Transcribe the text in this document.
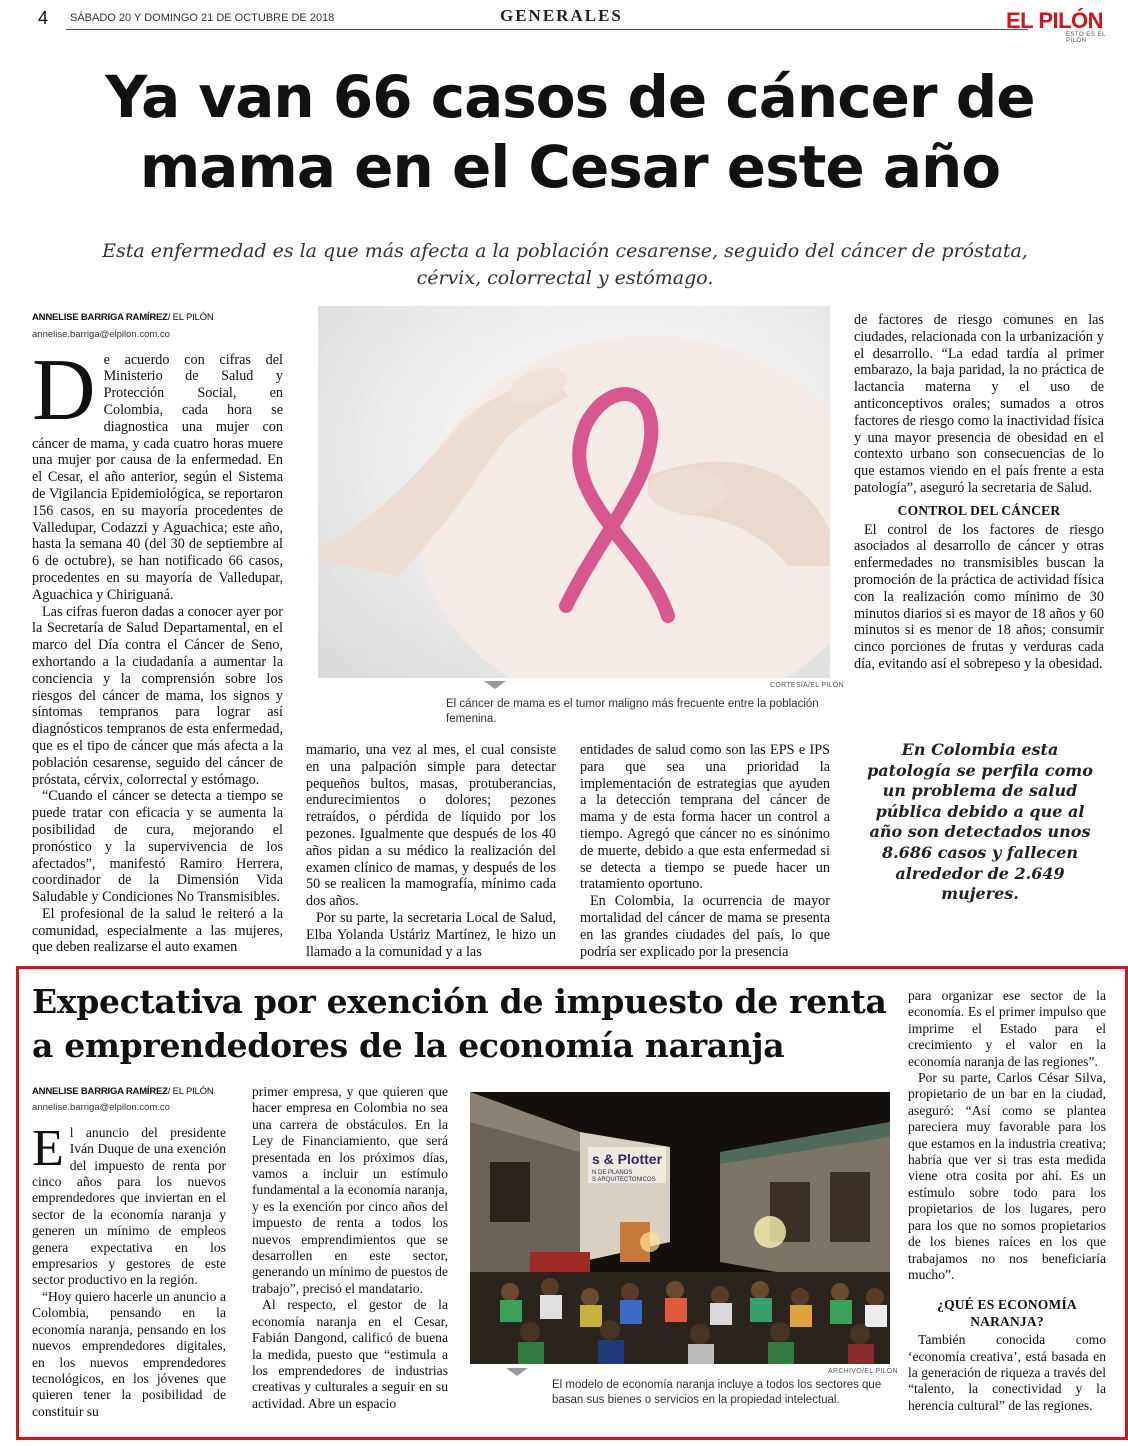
4 SÁBADO 20 Y DOMINGO 21 DE OCTUBRE DE 2018	GENERALES	EL PILÓN
ESTO ES EL PILÓN
Ya van 66 casos de cáncer de
mama en el Cesar este año
Esta enfermedad es la que más afecta a la población cesarense, seguido del cáncer de próstata,
cérvix, colorrectal y estómago.
ANNELISE BARRIGA RAMÍREZ/ EL PILÓN
annelise.barriga@elpilon.com.co

De acuerdo con cifras del Ministerio de Salud y Protección Social, en Colombia, cada hora se diagnostica una mujer con cáncer de mama, y cada cuatro horas muere una mujer por causa de la enfermedad. En el Cesar, el año anterior, según el Sistema de Vigilancia Epidemiológica, se reportaron 156 casos, en su mayoría procedentes de Valledupar, Codazzi y Aguachica; este año, hasta la semana 40 (del 30 de septiembre al 6 de octubre), se han notificado 66 casos, procedentes en su mayoría de Valledupar, Aguachica y Chiriguaná.

Las cifras fueron dadas a conocer ayer por la Secretaría de Salud Departamental, en el marco del Día contra el Cáncer de Seno, exhortando a la ciudadanía a aumentar la conciencia y la comprensión sobre los riesgos del cáncer de mama, los signos y síntomas tempranos para lograr así diagnósticos tempranos de esta enfermedad, que es el tipo de cáncer que más afecta a la población cesarense, seguido del cáncer de próstata, cérvix, colorrectal y estómago.

“Cuando el cáncer se detecta a tiempo se puede tratar con eficacia y se aumenta la posibilidad de cura, mejorando el pronóstico y la supervivencia de los afectados”, manifestó Ramiro Herrera, coordinador de la Dimensión Vida Saludable y Condiciones No Transmisibles.

El profesional de la salud le reiteró a la comunidad, especialmente a las mujeres, que deben realizarse el auto examen

CORTESÍA/EL PILÓN
El cáncer de mama es el tumor maligno más frecuente entre la población femenina.

mamario, una vez al mes, el cual consiste en una palpación simple para detectar pequeños bultos, masas, protuberancias, endurecimientos o dolores; pezones retraídos, o pérdida de líquido por los pezones. Igualmente que después de los 40 años pidan a su médico la realización del examen clínico de mamas, y después de los 50 se realicen la mamografía, mínimo cada dos años.

Por su parte, la secretaria Local de Salud, Elba Yolanda Ustáriz Martínez, le hizo un llamado a la comunidad y a las

entidades de salud como son las EPS e IPS para que sea una prioridad la implementación de estrategias que ayuden a la detección temprana del cáncer de mama y de esta forma hacer un control a tiempo. Agregó que cáncer no es sinónimo de muerte, debido a que esta enfermedad si se detecta a tiempo se puede hacer un tratamiento oportuno.

En Colombia, la ocurrencia de mayor mortalidad del cáncer de mama se presenta en las grandes ciudades del país, lo que podría ser explicado por la presencia

de factores de riesgo comunes en las ciudades, relacionada con la urbanización y el desarrollo. “La edad tardía al primer embarazo, la baja paridad, la no práctica de lactancia materna y el uso de anticonceptivos orales; sumados a otros factores de riesgo como la inactividad física y una mayor presencia de obesidad en el contexto urbano son consecuencias de lo que estamos viendo en el país frente a esta patología”, aseguró la secretaria de Salud.

CONTROL DEL CÁNCER

El control de los factores de riesgo asociados al desarrollo de cáncer y otras enfermedades no transmisibles buscan la promoción de la práctica de actividad física con la realización como mínimo de 30 minutos diarios si es mayor de 18 años y 60 minutos si es menor de 18 años; consumir cinco porciones de frutas y verduras cada día, evitando así el sobrepeso y la obesidad.

En Colombia esta patología se perfila como un problema de salud pública debido a que al año son detectados unos 8.686 casos y fallecen alrededor de 2.649 mujeres.
Expectativa por exención de impuesto de renta
a emprendedores de la economía naranja
ANNELISE BARRIGA RAMÍREZ/ EL PILÓN
annelise.barriga@elpilon.com.co

El anuncio del presidente Iván Duque de una exención del impuesto de renta por cinco años para los nuevos emprendedores que inviertan en el sector de la economía naranja y generen un mínimo de empleos genera expectativa en los empresarios y gestores de este sector productivo en la región.

“Hoy quiero hacerle un anuncio a Colombia, pensando en la economía naranja, pensando en los nuevos emprendedores digitales, en los nuevos emprendedores tecnológicos, en los jóvenes que quieren tener la posibilidad de constituir su

primer empresa, y que quieren que hacer empresa en Colombia no sea una carrera de obstáculos. En la Ley de Financiamiento, que será presentada en los próximos días, vamos a incluir un estímulo fundamental a la economía naranja, y es la exención por cinco años del impuesto de renta a todos los nuevos emprendimientos que se desarrollen en este sector, generando un mínimo de puestos de trabajo”, precisó el mandatario.

Al respecto, el gestor de la economía naranja en el Cesar, Fabián Dangond, calificó de buena la medida, puesto que “estimula a los emprendedores de industrias creativas y culturales a seguir en su actividad. Abre un espacio

s & Plotter
N DE PLANOS
S ARQUITECTONICOS
ARCHIVO/EL PILÓN
El modelo de economía naranja incluye a todos los sectores que basan sus bienes o servicios en la propiedad intelectual.

para organizar ese sector de la economía. Es el primer impulso que imprime el Estado para el crecimiento y el valor en la economía naranja de las regiones”.

Por su parte, Carlos César Silva, propietario de un bar en la ciudad, aseguró: “Así como se plantea pareciera muy favorable para los que estamos en la industria creativa; habría que ver si tras esta medida viene otra cosita por ahí. Es un estímulo sobre todo para los propietarios de los lugares, pero para los que no somos propietarios de los bienes raíces en los que trabajamos no nos beneficiaría mucho”.

¿QUÉ ES ECONOMÍA NARANJA?

También conocida como ‘economía creativa’, está basada en la generación de riqueza a través del “talento, la conectividad y la herencia cultural” de las regiones.
